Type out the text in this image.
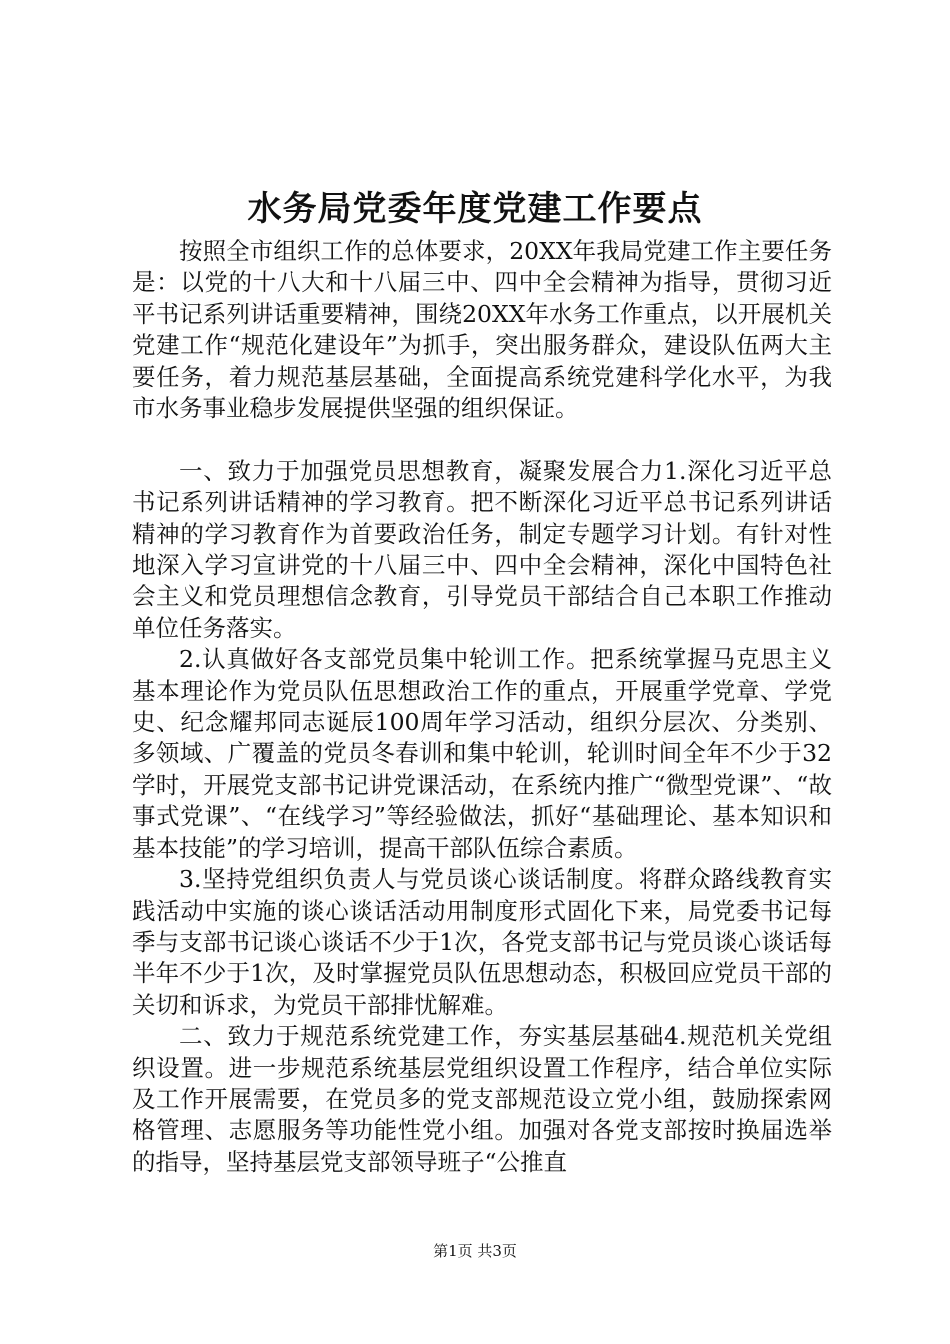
水务局党委年度党建工作要点

按照全市组织工作的总体要求，20XX年我局党建工作主要任务是：以党的十八大和十八届三中、四中全会精神为指导，贯彻习近平书记系列讲话重要精神，围绕20XX年水务工作重点，以开展机关党建工作“规范化建设年”为抓手，突出服务群众，建设队伍两大主要任务，着力规范基层基础，全面提高系统党建科学化水平，为我市水务事业稳步发展提供坚强的组织保证。

一、致力于加强党员思想教育，凝聚发展合力1.深化习近平总书记系列讲话精神的学习教育。把不断深化习近平总书记系列讲话精神的学习教育作为首要政治任务，制定专题学习计划。有针对性地深入学习宣讲党的十八届三中、四中全会精神，深化中国特色社会主义和党员理想信念教育，引导党员干部结合自己本职工作推动单位任务落实。

2.认真做好各支部党员集中轮训工作。把系统掌握马克思主义基本理论作为党员队伍思想政治工作的重点，开展重学党章、学党史、纪念耀邦同志诞辰100周年学习活动，组织分层次、分类别、多领域、广覆盖的党员冬春训和集中轮训，轮训时间全年不少于32学时，开展党支部书记讲党课活动，在系统内推广“微型党课”、“故事式党课”、“在线学习”等经验做法，抓好“基础理论、基本知识和基本技能”的学习培训，提高干部队伍综合素质。

3.坚持党组织负责人与党员谈心谈话制度。将群众路线教育实践活动中实施的谈心谈话活动用制度形式固化下来，局党委书记每季与支部书记谈心谈话不少于1次，各党支部书记与党员谈心谈话每半年不少于1次，及时掌握党员队伍思想动态，积极回应党员干部的关切和诉求，为党员干部排忧解难。

二、致力于规范系统党建工作，夯实基层基础4.规范机关党组织设置。进一步规范系统基层党组织设置工作程序，结合单位实际及工作开展需要，在党员多的党支部规范设立党小组，鼓励探索网格管理、志愿服务等功能性党小组。加强对各党支部按时换届选举的指导，坚持基层党支部领导班子“公推直

第1页 共3页
